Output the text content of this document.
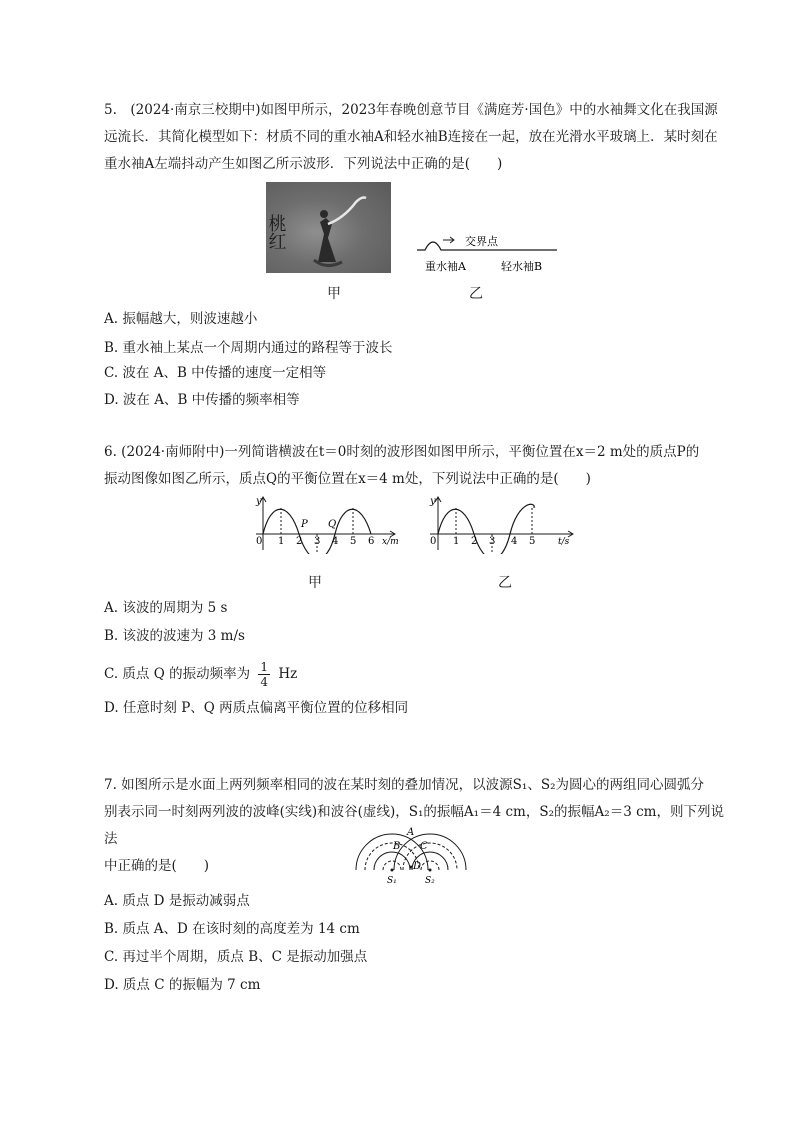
5.　(2024·南京三校期中)如图甲所示，2023年春晚创意节目《满庭芳·国色》中的水袖舞文化在我国源

远流长．其简化模型如下：材质不同的重水袖A和轻水袖B连接在一起，放在光滑水平玻璃上．某时刻在

重水袖A左端抖动产生如图乙所示波形．下列说法中正确的是(　　)

桃红	交界点
重水袖A	轻水袖B
甲	乙
A. 振幅越大，则波速越小
B. 重水袖上某点一个周期内通过的路程等于波长
C. 波在 A、B 中传播的速度一定相等
D. 波在 A、B 中传播的频率相等

6. (2024·南师附中)一列简谐横波在t＝0时刻的波形图如图甲所示，平衡位置在x＝2 m处的质点P的

振动图像如图乙所示，质点Q的平衡位置在x＝4 m处，下列说法中正确的是(　　)

y
0 1 2 3 4 5 6 x/m
P Q
y
0 1 2 3 4 5	t/s
甲	乙
A. 该波的周期为 5 s
B. 该波的波速为 3 m/s
C. 质点 Q 的振动频率为 $\frac{1}{4}$ Hz
D. 任意时刻 P、Q 两质点偏离平衡位置的位移相同

7. 如图所示是水面上两列频率相同的波在某时刻的叠加情况，以波源S₁、S₂为圆心的两组同心圆弧分

别表示同一时刻两列波的波峰(实线)和波谷(虚线)，S₁的振幅A₁＝4 cm，S₂的振幅A₂＝3 cm，则下列说法

中正确的是(　　)

A
B C
D
S₁	S₂
A. 质点 D 是振动减弱点
B. 质点 A、D 在该时刻的高度差为 14 cm
C. 再过半个周期，质点 B、C 是振动加强点
D. 质点 C 的振幅为 7 cm
